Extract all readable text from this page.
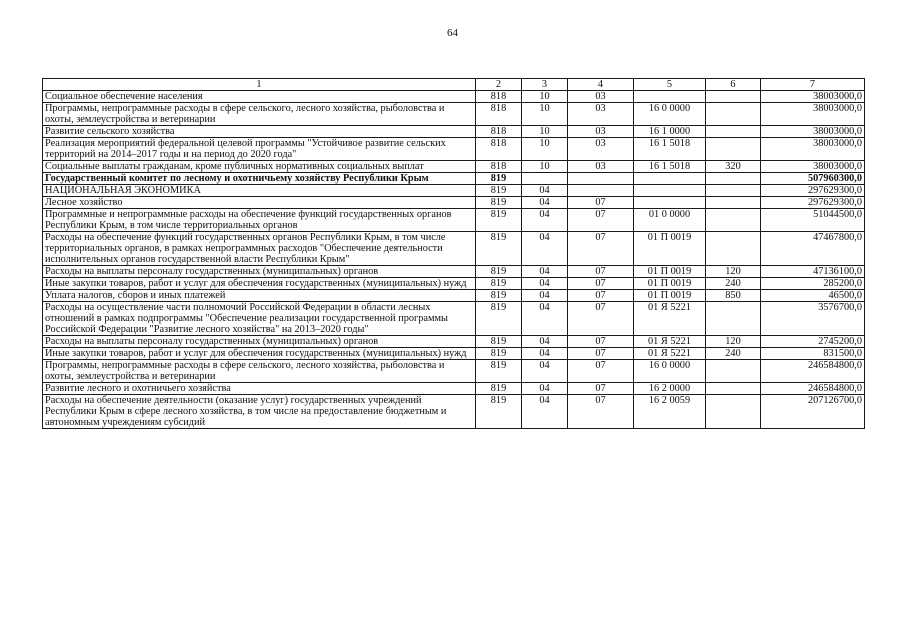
64
1	2	3	4	5	6	7
Социальное обеспечение населения	818	10	03			38003000,0
Программы, непрограммные расходы в сфере сельского, лесного хозяйства, рыболовства и охоты, землеустройства и ветеринарии	818	10	03	16 0 0000		38003000,0
Развитие сельского хозяйства	818	10	03	16 1 0000		38003000,0
Реализация мероприятий федеральной целевой программы "Устойчивое развитие сельских территорий на 2014–2017 годы и на период до 2020 года"	818	10	03	16 1 5018		38003000,0
Социальные выплаты гражданам, кроме публичных нормативных социальных выплат	818	10	03	16 1 5018	320	38003000,0
Государственный комитет по лесному и охотничьему хозяйству Республики Крым	819					507960300,0
НАЦИОНАЛЬНАЯ ЭКОНОМИКА	819	04				297629300,0
Лесное хозяйство	819	04	07			297629300,0
Программные и непрограммные расходы на обеспечение функций государственных органов Республики Крым, в том числе территориальных органов	819	04	07	01 0 0000		51044500,0
Расходы на обеспечение функций государственных органов Республики Крым, в том числе территориальных органов, в рамках непрограммных расходов "Обеспечение деятельности исполнительных органов государственной власти Республики Крым"	819	04	07	01 П 0019		47467800,0
Расходы на выплаты персоналу государственных (муниципальных) органов	819	04	07	01 П 0019	120	47136100,0
Иные закупки товаров, работ и услуг для обеспечения государственных (муниципальных) нужд	819	04	07	01 П 0019	240	285200,0
Уплата налогов, сборов и иных платежей	819	04	07	01 П 0019	850	46500,0
Расходы на осуществление части полномочий Российской Федерации в области лесных отношений в рамках подпрограммы "Обеспечение реализации государственной программы Российской Федерации "Развитие лесного хозяйства" на 2013–2020 годы"	819	04	07	01 Я 5221		3576700,0
Расходы на выплаты персоналу государственных (муниципальных) органов	819	04	07	01 Я 5221	120	2745200,0
Иные закупки товаров, работ и услуг для обеспечения государственных (муниципальных) нужд	819	04	07	01 Я 5221	240	831500,0
Программы, непрограммные расходы в сфере сельского, лесного хозяйства, рыболовства и охоты, землеустройства и ветеринарии	819	04	07	16 0 0000		246584800,0
Развитие лесного и охотничьего хозяйства	819	04	07	16 2 0000		246584800,0
Расходы на обеспечение деятельности (оказание услуг) государственных учреждений Республики Крым в сфере лесного хозяйства, в том числе на предоставление бюджетным и автономным учреждениям субсидий	819	04	07	16 2 0059		207126700,0
